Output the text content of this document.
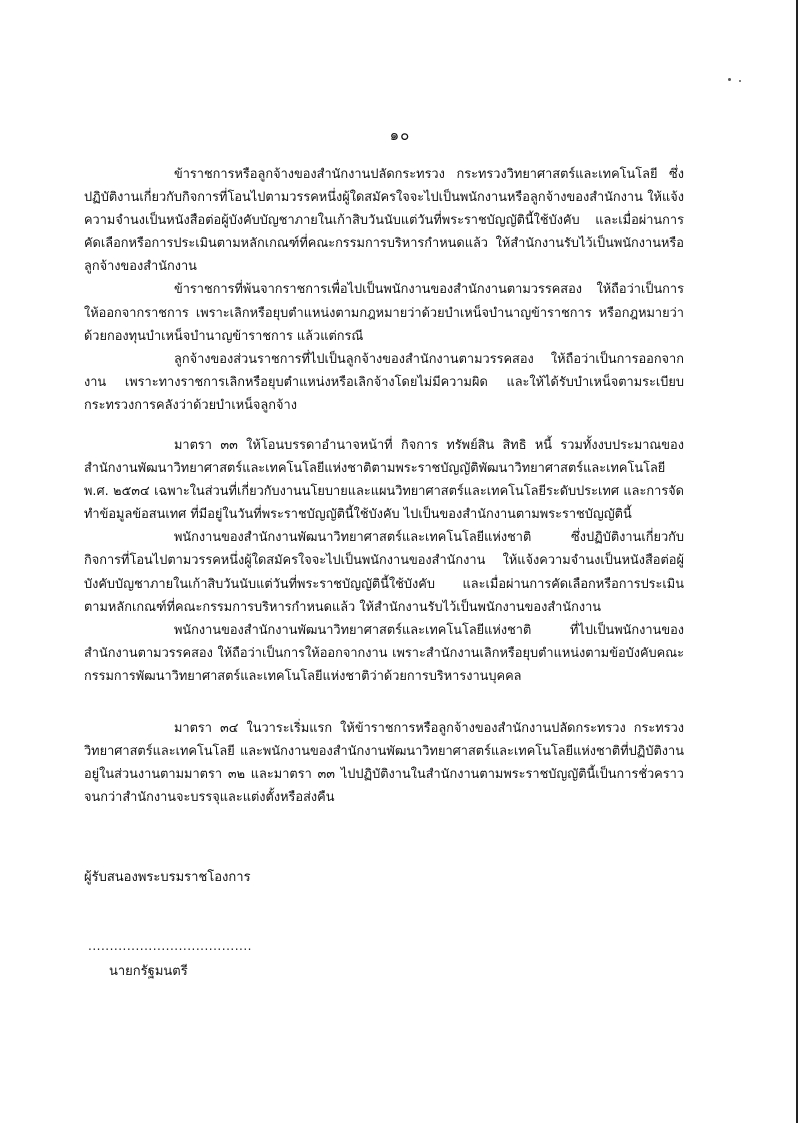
๑๐

ข้าราชการหรือลูกจ้างของสำนักงานปลัดกระทรวง กระทรวงวิทยาศาสตร์และเทคโนโลยี ซึ่งปฏิบัติงานเกี่ยวกับกิจการที่โอนไปตามวรรคหนึ่งผู้ใดสมัครใจจะไปเป็นพนักงานหรือลูกจ้างของสำนักงาน ให้แจ้งความจำนงเป็นหนังสือต่อผู้บังคับบัญชาภายในเก้าสิบวันนับแต่วันที่พระราชบัญญัตินี้ใช้บังคับ และเมื่อผ่านการคัดเลือกหรือการประเมินตามหลักเกณฑ์ที่คณะกรรมการบริหารกำหนดแล้ว ให้สำนักงานรับไว้เป็นพนักงานหรือลูกจ้างของสำนักงาน

ข้าราชการที่พ้นจากราชการเพื่อไปเป็นพนักงานของสำนักงานตามวรรคสอง ให้ถือว่าเป็นการให้ออกจากราชการ เพราะเลิกหรือยุบตำแหน่งตามกฎหมายว่าด้วยบำเหน็จบำนาญข้าราชการ หรือกฎหมายว่าด้วยกองทุนบำเหน็จบำนาญข้าราชการ แล้วแต่กรณี

ลูกจ้างของส่วนราชการที่ไปเป็นลูกจ้างของสำนักงานตามวรรคสอง ให้ถือว่าเป็นการออกจากงาน เพราะทางราชการเลิกหรือยุบตำแหน่งหรือเลิกจ้างโดยไม่มีความผิด และให้ได้รับบำเหน็จตามระเบียบกระทรวงการคลังว่าด้วยบำเหน็จลูกจ้าง

มาตรา ๓๓ ให้โอนบรรดาอำนาจหน้าที่ กิจการ ทรัพย์สิน สิทธิ หนี้ รวมทั้งงบประมาณของสำนักงานพัฒนาวิทยาศาสตร์และเทคโนโลยีแห่งชาติตามพระราชบัญญัติพัฒนาวิทยาศาสตร์และเทคโนโลยี พ.ศ. ๒๕๓๔ เฉพาะในส่วนที่เกี่ยวกับงานนโยบายและแผนวิทยาศาสตร์และเทคโนโลยีระดับประเทศ และการจัดทำข้อมูลข้อสนเทศ ที่มีอยู่ในวันที่พระราชบัญญัตินี้ใช้บังคับ ไปเป็นของสำนักงานตามพระราชบัญญัตินี้

พนักงานของสำนักงานพัฒนาวิทยาศาสตร์และเทคโนโลยีแห่งชาติ ซึ่งปฏิบัติงานเกี่ยวกับกิจการที่โอนไปตามวรรคหนึ่งผู้ใดสมัครใจจะไปเป็นพนักงานของสำนักงาน ให้แจ้งความจำนงเป็นหนังสือต่อผู้บังคับบัญชาภายในเก้าสิบวันนับแต่วันที่พระราชบัญญัตินี้ใช้บังคับ และเมื่อผ่านการคัดเลือกหรือการประเมินตามหลักเกณฑ์ที่คณะกรรมการบริหารกำหนดแล้ว ให้สำนักงานรับไว้เป็นพนักงานของสำนักงาน

พนักงานของสำนักงานพัฒนาวิทยาศาสตร์และเทคโนโลยีแห่งชาติ ที่ไปเป็นพนักงานของสำนักงานตามวรรคสอง ให้ถือว่าเป็นการให้ออกจากงาน เพราะสำนักงานเลิกหรือยุบตำแหน่งตามข้อบังคับคณะกรรมการพัฒนาวิทยาศาสตร์และเทคโนโลยีแห่งชาติว่าด้วยการบริหารงานบุคคล

มาตรา ๓๔ ในวาระเริ่มแรก ให้ข้าราชการหรือลูกจ้างของสำนักงานปลัดกระทรวง กระทรวงวิทยาศาสตร์และเทคโนโลยี และพนักงานของสำนักงานพัฒนาวิทยาศาสตร์และเทคโนโลยีแห่งชาติที่ปฏิบัติงานอยู่ในส่วนงานตามมาตรา ๓๒ และมาตรา ๓๓ ไปปฏิบัติงานในสำนักงานตามพระราชบัญญัตินี้เป็นการชั่วคราว จนกว่าสำนักงานจะบรรจุและแต่งตั้งหรือส่งคืน

ผู้รับสนองพระบรมราชโองการ
......................................
นายกรัฐมนตรี
